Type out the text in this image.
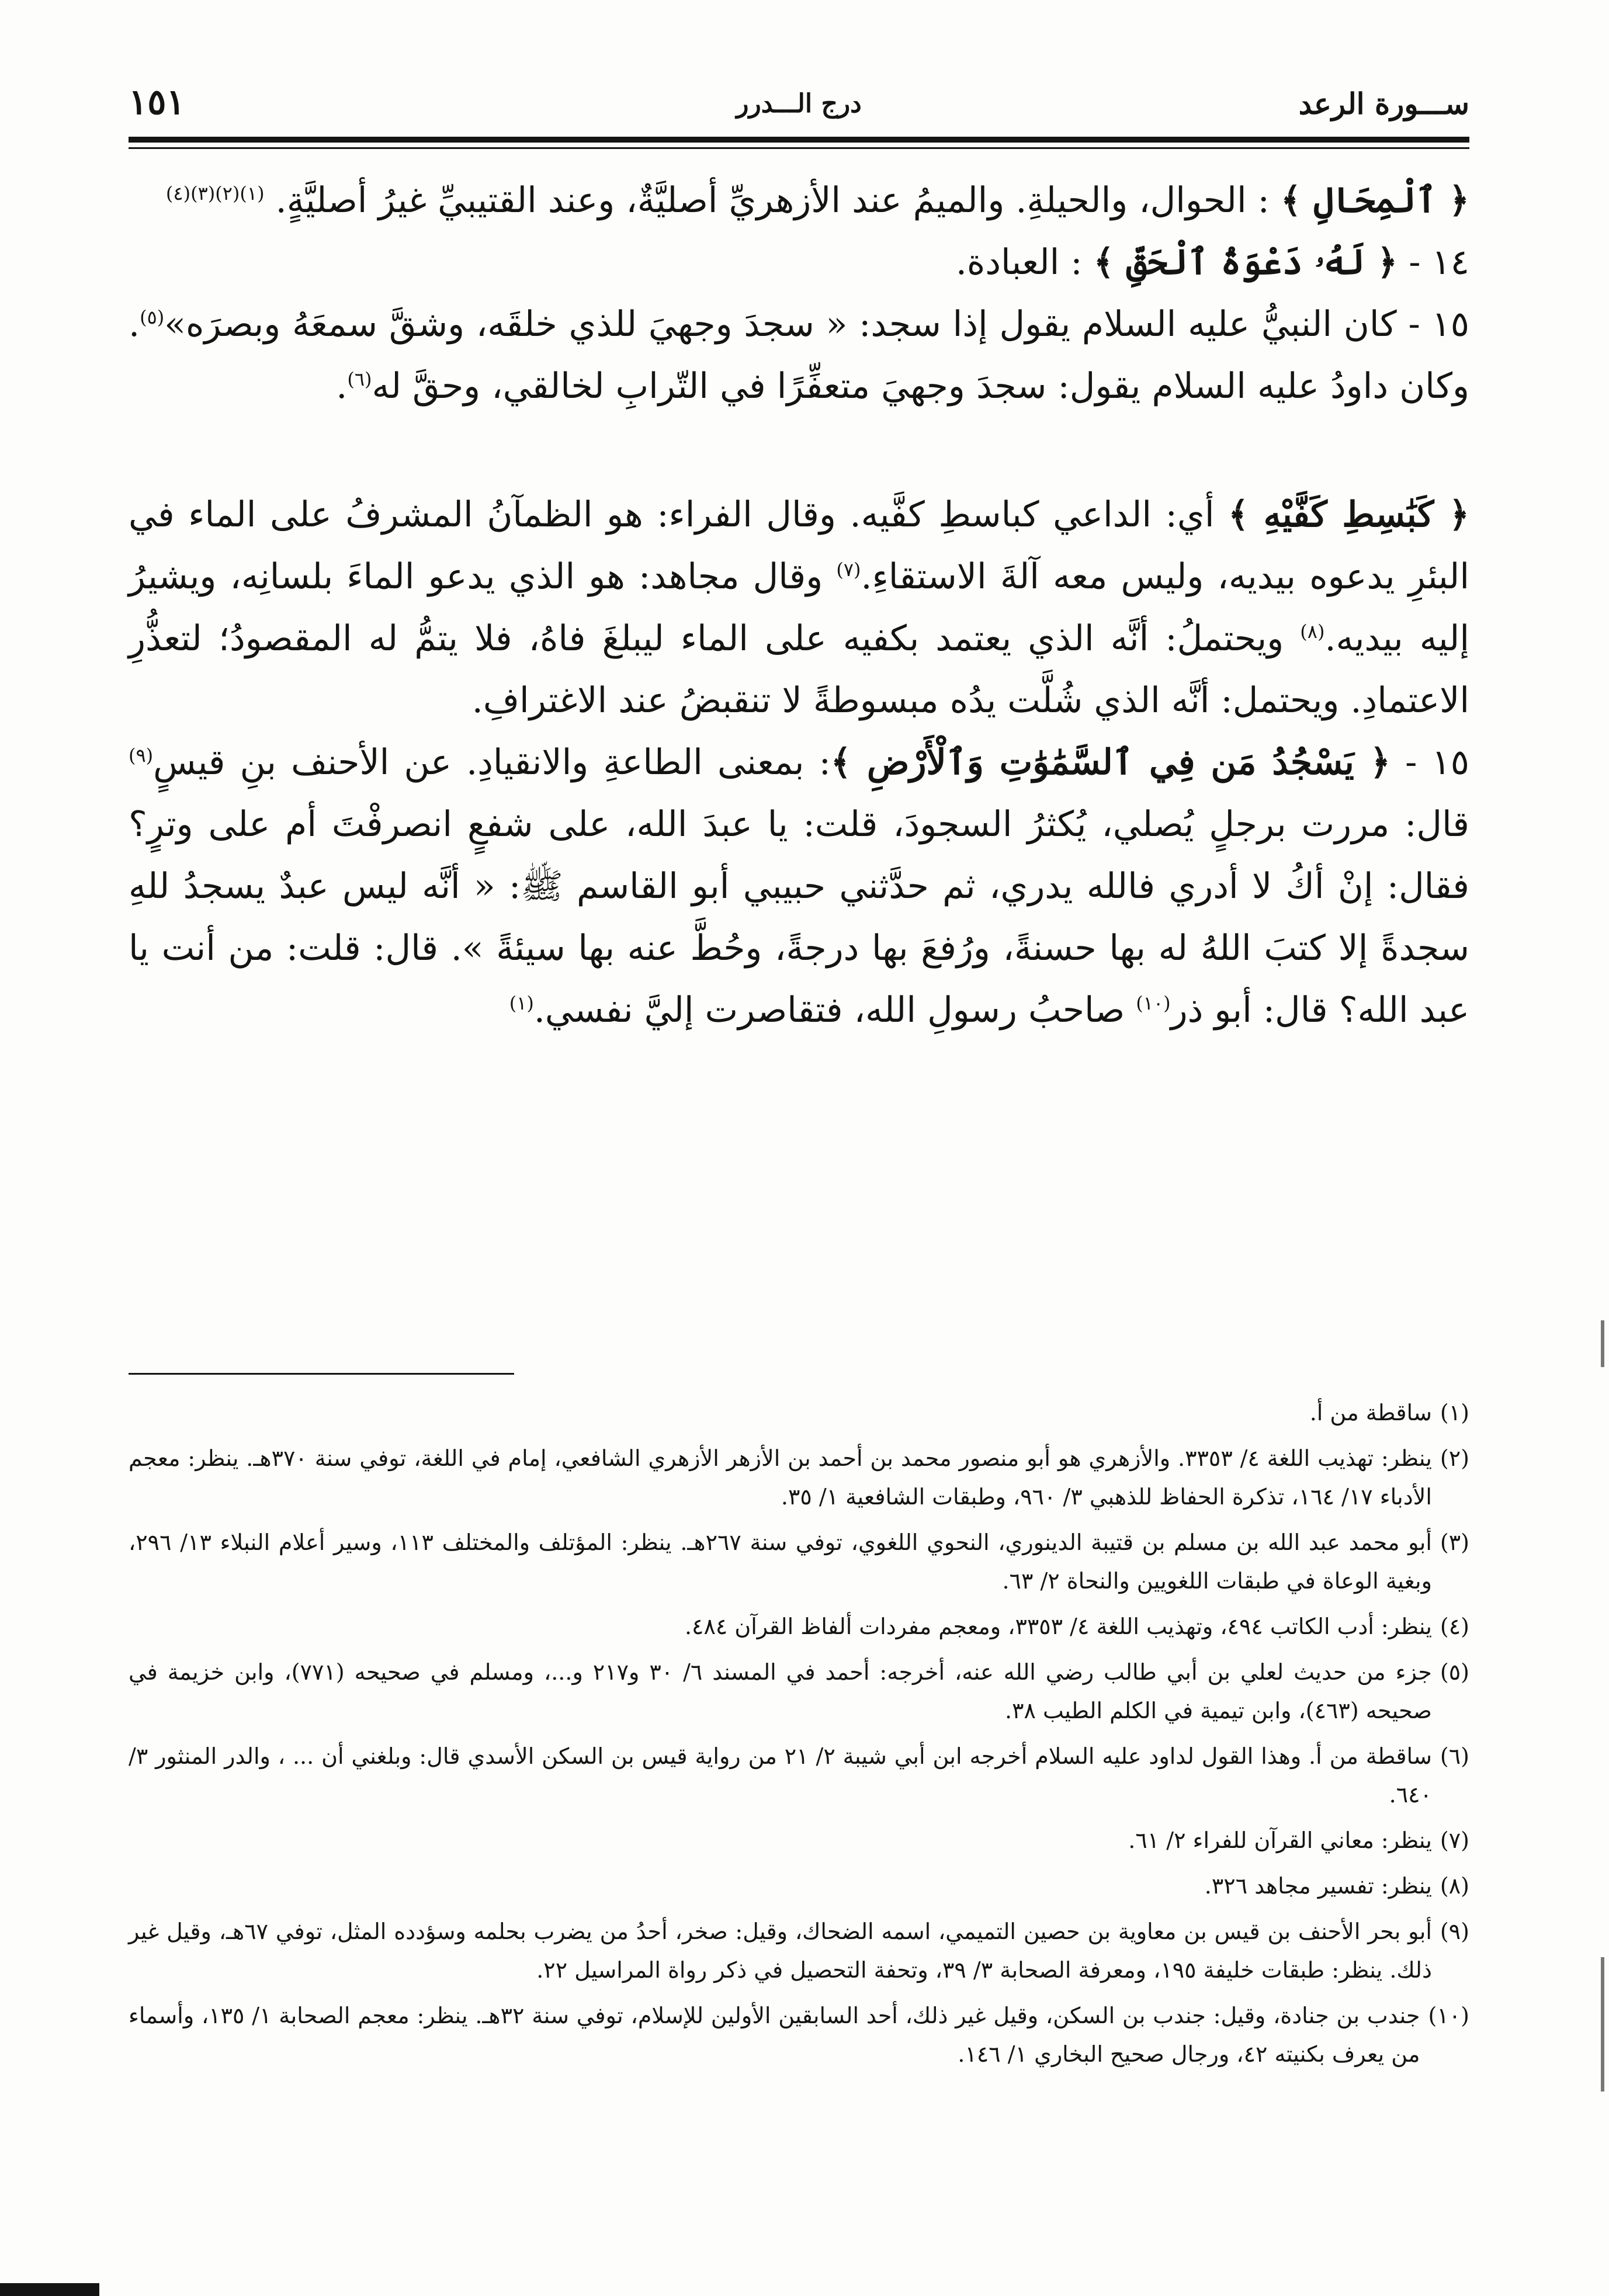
ســـورة الرعد
درج الـــدرر
١٥١

﴿ ٱلْمِحَالِ ﴾ : الحوال، والحيلةِ. والميمُ عند الأزهريِّ أصليَّةٌ، وعند القتيبيِّ غيرُ أصليَّةٍ. $^{(١)(٢)(٣)(٤)}$

١٤ - ﴿ لَهُۥ دَعْوَةُ ٱلْحَقِّ ﴾ : العبادة.

١٥ - كان النبيُّ عليه السلام يقول إذا سجد: « سجدَ وجهيَ للذي خلقَه، وشقَّ سمعَهُ وبصرَه»$^{(٥)}$. وكان داودُ عليه السلام يقول: سجدَ وجهيَ متعفِّرًا في التّرابِ لخالقي، وحقَّ له$^{(٦)}$.

﴿ كَبَٰسِطِ كَفَّيْهِ ﴾ أي: الداعي كباسطِ كفَّيه. وقال الفراء: هو الظمآنُ المشرفُ على الماء في البئرِ يدعوه بيديه، وليس معه آلةَ الاستقاءِ.$^{(٧)}$ وقال مجاهد: هو الذي يدعو الماءَ بلسانِه، ويشيرُ إليه بيديه.$^{(٨)}$ ويحتملُ: أنَّه الذي يعتمد بكفيه على الماء ليبلغَ فاهُ، فلا يتمُّ له المقصودُ؛ لتعذُّرِ الاعتمادِ. ويحتمل: أنَّه الذي شُلَّت يدُه مبسوطةً لا تنقبضُ عند الاغترافِ.

١٥ - ﴿ يَسْجُدُ مَن فِي ٱلسَّمَٰوَٰتِ وَٱلْأَرْضِ ﴾: بمعنى الطاعةِ والانقيادِ. عن الأحنف بنِ قيسٍ$^{(٩)}$ قال: مررت برجلٍ يُصلي، يُكثرُ السجودَ، قلت: يا عبدَ الله، على شفعٍ انصرفْتَ أم على وترٍ؟ فقال: إنْ أكُ لا أدري فالله يدري، ثم حدَّثني حبيبي أبو القاسم ﷺ: « أنَّه ليس عبدٌ يسجدُ للهِ سجدةً إلا كتبَ اللهُ له بها حسنةً، ورُفعَ بها درجةً، وحُطَّ عنه بها سيئةً ». قال: قلت: من أنت يا عبد الله؟ قال: أبو ذر$^{(١٠)}$ صاحبُ رسولِ الله، فتقاصرت إليَّ نفسي.$^{(١)}$

(١)
ساقطة من أ.
(٢)
ينظر: تهذيب اللغة ٤/ ٣٣٥٣. والأزهري هو أبو منصور محمد بن أحمد بن الأزهر الأزهري الشافعي، إمام في اللغة، توفي سنة ٣٧٠هـ. ينظر: معجم الأدباء ١٧/ ١٦٤، تذكرة الحفاظ للذهبي ٣/ ٩٦٠، وطبقات الشافعية ١/ ٣٥.
(٣)
أبو محمد عبد الله بن مسلم بن قتيبة الدينوري، النحوي اللغوي، توفي سنة ٢٦٧هـ. ينظر: المؤتلف والمختلف ١١٣، وسير أعلام النبلاء ١٣/ ٢٩٦، وبغية الوعاة في طبقات اللغويين والنحاة ٢/ ٦٣.
(٤)
ينظر: أدب الكاتب ٤٩٤، وتهذيب اللغة ٤/ ٣٣٥٣، ومعجم مفردات ألفاظ القرآن ٤٨٤.
(٥)
جزء من حديث لعلي بن أبي طالب رضي الله عنه، أخرجه: أحمد في المسند ٦/ ٣٠ و٢١٧ و...، ومسلم في صحيحه (٧٧١)، وابن خزيمة في صحيحه (٤٦٣)، وابن تيمية في الكلم الطيب ٣٨.
(٦)
ساقطة من أ. وهذا القول لداود عليه السلام أخرجه ابن أبي شيبة ٢/ ٢١ من رواية قيس بن السكن الأسدي قال: وبلغني أن ... ، والدر المنثور ٣/ ٦٤٠.
(٧)
ينظر: معاني القرآن للفراء ٢/ ٦١.
(٨)
ينظر: تفسير مجاهد ٣٢٦.
(٩)
أبو بحر الأحنف بن قيس بن معاوية بن حصين التميمي، اسمه الضحاك، وقيل: صخر، أحدُ من يضرب بحلمه وسؤدده المثل، توفي ٦٧هـ، وقيل غير ذلك. ينظر: طبقات خليفة ١٩٥، ومعرفة الصحابة ٣/ ٣٩، وتحفة التحصيل في ذكر رواة المراسيل ٢٢.
(١٠)
جندب بن جنادة، وقيل: جندب بن السكن، وقيل غير ذلك، أحد السابقين الأولين للإسلام، توفي سنة ٣٢هـ. ينظر: معجم الصحابة ١/ ١٣٥، وأسماء من يعرف بكنيته ٤٢، ورجال صحيح البخاري ١/ ١٤٦.
